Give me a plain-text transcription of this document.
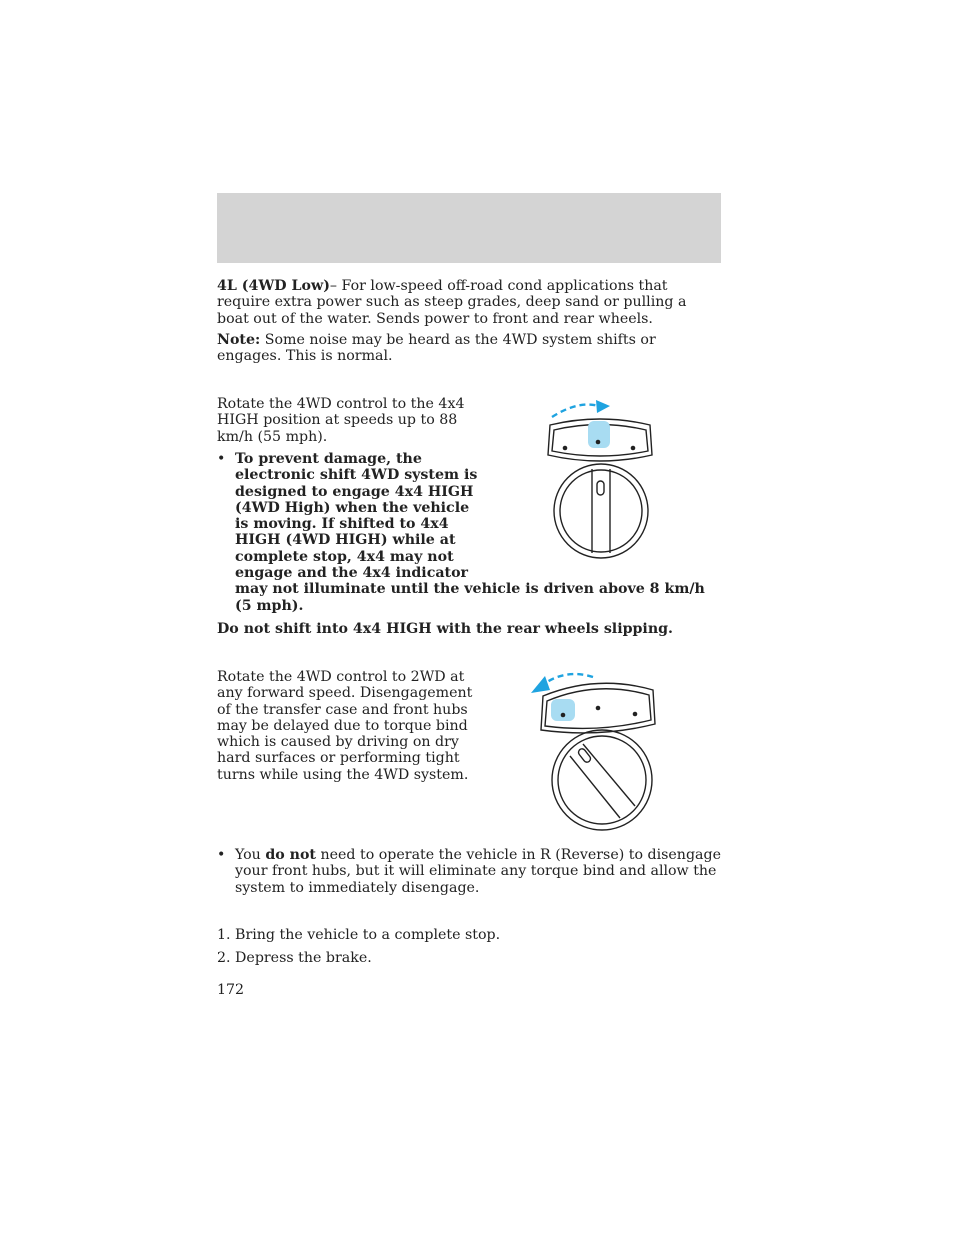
4L (4WD Low)– For low-speed off-road cond applications that require extra power such as steep grades, deep sand or pulling a boat out of the water. Sends power to front and rear wheels.

Note: Some noise may be heard as the 4WD system shifts or engages. This is normal.

Rotate the 4WD control to the 4x4
HIGH position at speeds up to 88
km/h (55 mph).
• To prevent damage, the
electronic shift 4WD system is
designed to engage 4x4 HIGH
(4WD High) when the vehicle
is moving. If shifted to 4x4
HIGH (4WD HIGH) while at
complete stop, 4x4 may not
engage and the 4x4 indicator
may not illuminate until the vehicle is driven above 8 km/h
(5 mph).
Do not shift into 4x4 HIGH with the rear wheels slipping.
Rotate the 4WD control to 2WD at
any forward speed. Disengagement
of the transfer case and front hubs
may be delayed due to torque bind
which is caused by driving on dry
hard surfaces or performing tight
turns while using the 4WD system.
• You do not need to operate the vehicle in R (Reverse) to disengage
your front hubs, but it will eliminate any torque bind and allow the
system to immediately disengage.
1. Bring the vehicle to a complete stop.
2. Depress the brake.
172
